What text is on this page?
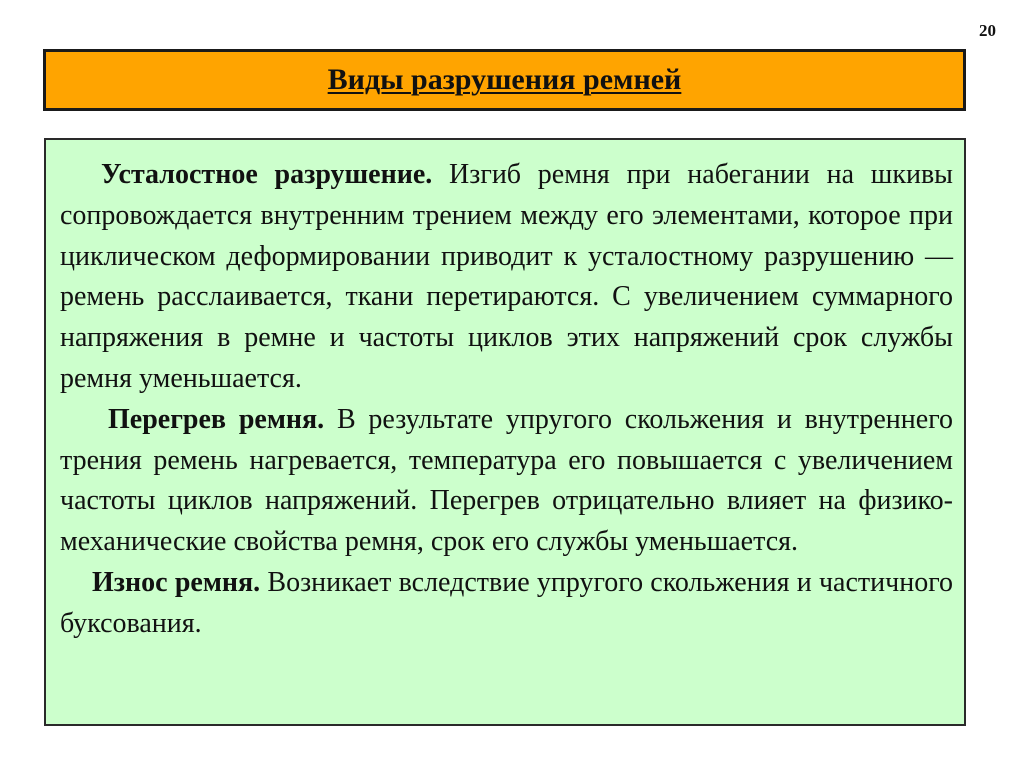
20
Виды разрушения ремней

Усталостное разрушение. Изгиб ремня при набегании на шкивы сопровождается внутренним трением между его элементами, которое при циклическом деформировании приводит к усталостному разрушению — ремень расслаивается, ткани перетираются. С увеличением суммарного напряжения в ремне и частоты циклов этих напряжений срок службы ремня уменьшается.

Перегрев ремня. В результате упругого скольжения и внутреннего трения ремень нагревается, температура его повышается с увеличением частоты циклов напряжений. Перегрев отрицательно влияет на физико-механические свойства ремня, срок его службы уменьшается.

Износ ремня. Возникает вследствие упругого скольжения и частичного буксования.
